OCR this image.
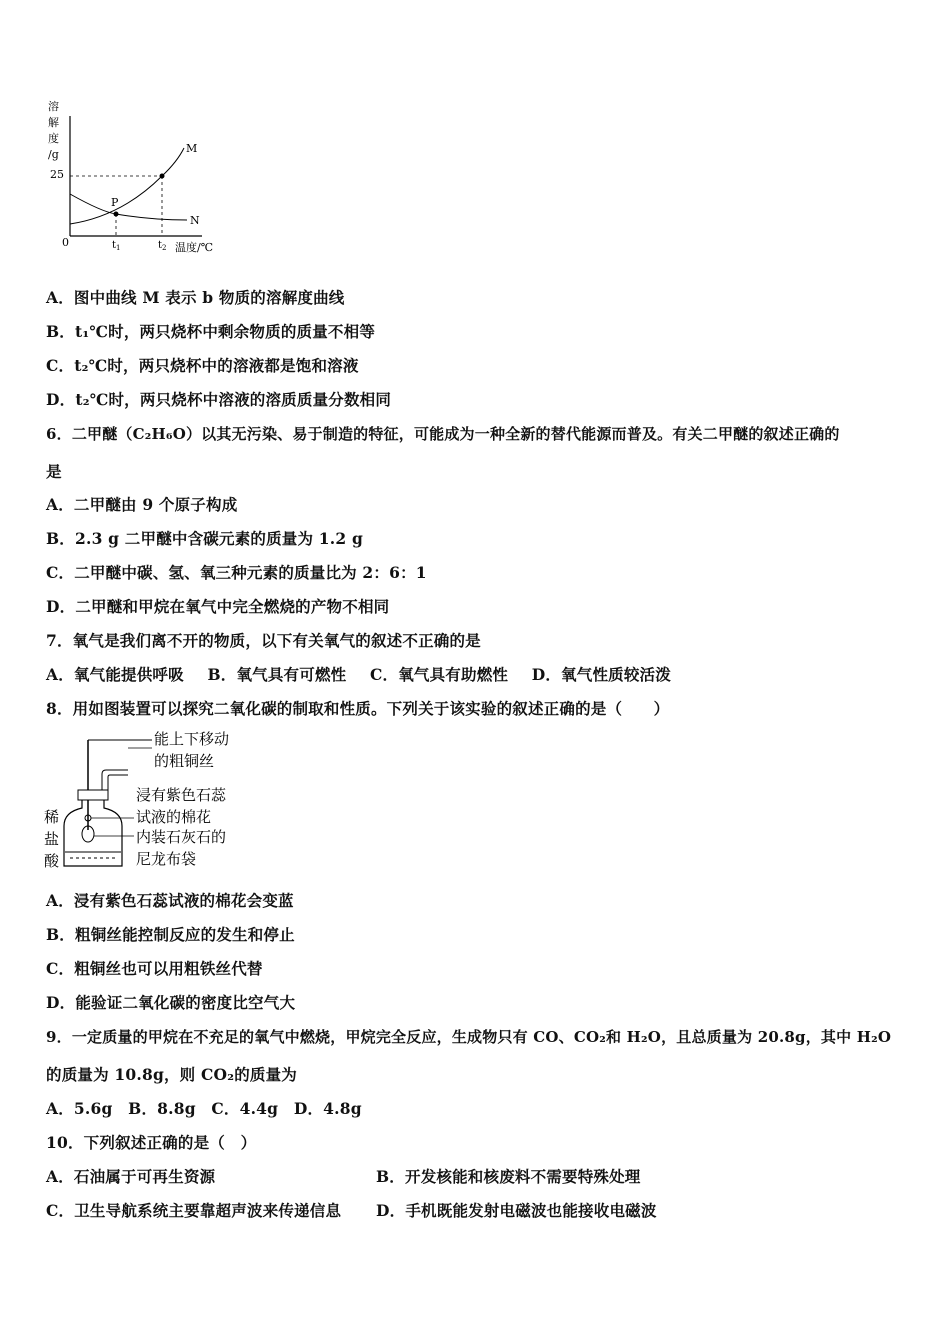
溶
解
度
/g
25
0
M
N
P
$t_1$	$t_2$ 温度/℃
A．图中曲线 M 表示 b 物质的溶解度曲线
B．t₁℃时，两只烧杯中剩余物质的质量不相等
C．t₂℃时，两只烧杯中的溶液都是饱和溶液
D．t₂℃时，两只烧杯中溶液的溶质质量分数相同
6．二甲醚（C₂H₆O）以其无污染、易于制造的特征，可能成为一种全新的替代能源而普及。有关二甲醚的叙述正确的
是
A．二甲醚由 9 个原子构成
B．2.3 g 二甲醚中含碳元素的质量为 1.2 g
C．二甲醚中碳、氢、氧三种元素的质量比为 2：6：1
D．二甲醚和甲烷在氧气中完全燃烧的产物不相同
7．氧气是我们离不开的物质，以下有关氧气的叙述不正确的是
A．氧气能提供呼吸 B．氧气具有可燃性 C．氧气具有助燃性 D．氧气性质较活泼
8．用如图装置可以探究二氧化碳的制取和性质。下列关于该实验的叙述正确的是（　　）
能上下移动
的粗铜丝
浸有紫色石蕊
试液的棉花
内装石灰石的
尼龙布袋
稀
盐
酸
A．浸有紫色石蕊试液的棉花会变蓝
B．粗铜丝能控制反应的发生和停止
C．粗铜丝也可以用粗铁丝代替
D．能验证二氧化碳的密度比空气大
9．一定质量的甲烷在不充足的氧气中燃烧，甲烷完全反应，生成物只有 CO、CO₂和 H₂O，且总质量为 20.8g，其中 H₂O
的质量为 10.8g，则 CO₂的质量为
A．5.6g B．8.8g C．4.4g D．4.8g
10．下列叙述正确的是（　）
A．石油属于可再生资源	B．开发核能和核废料不需要特殊处理
C．卫生导航系统主要靠超声波来传递信息	D．手机既能发射电磁波也能接收电磁波
